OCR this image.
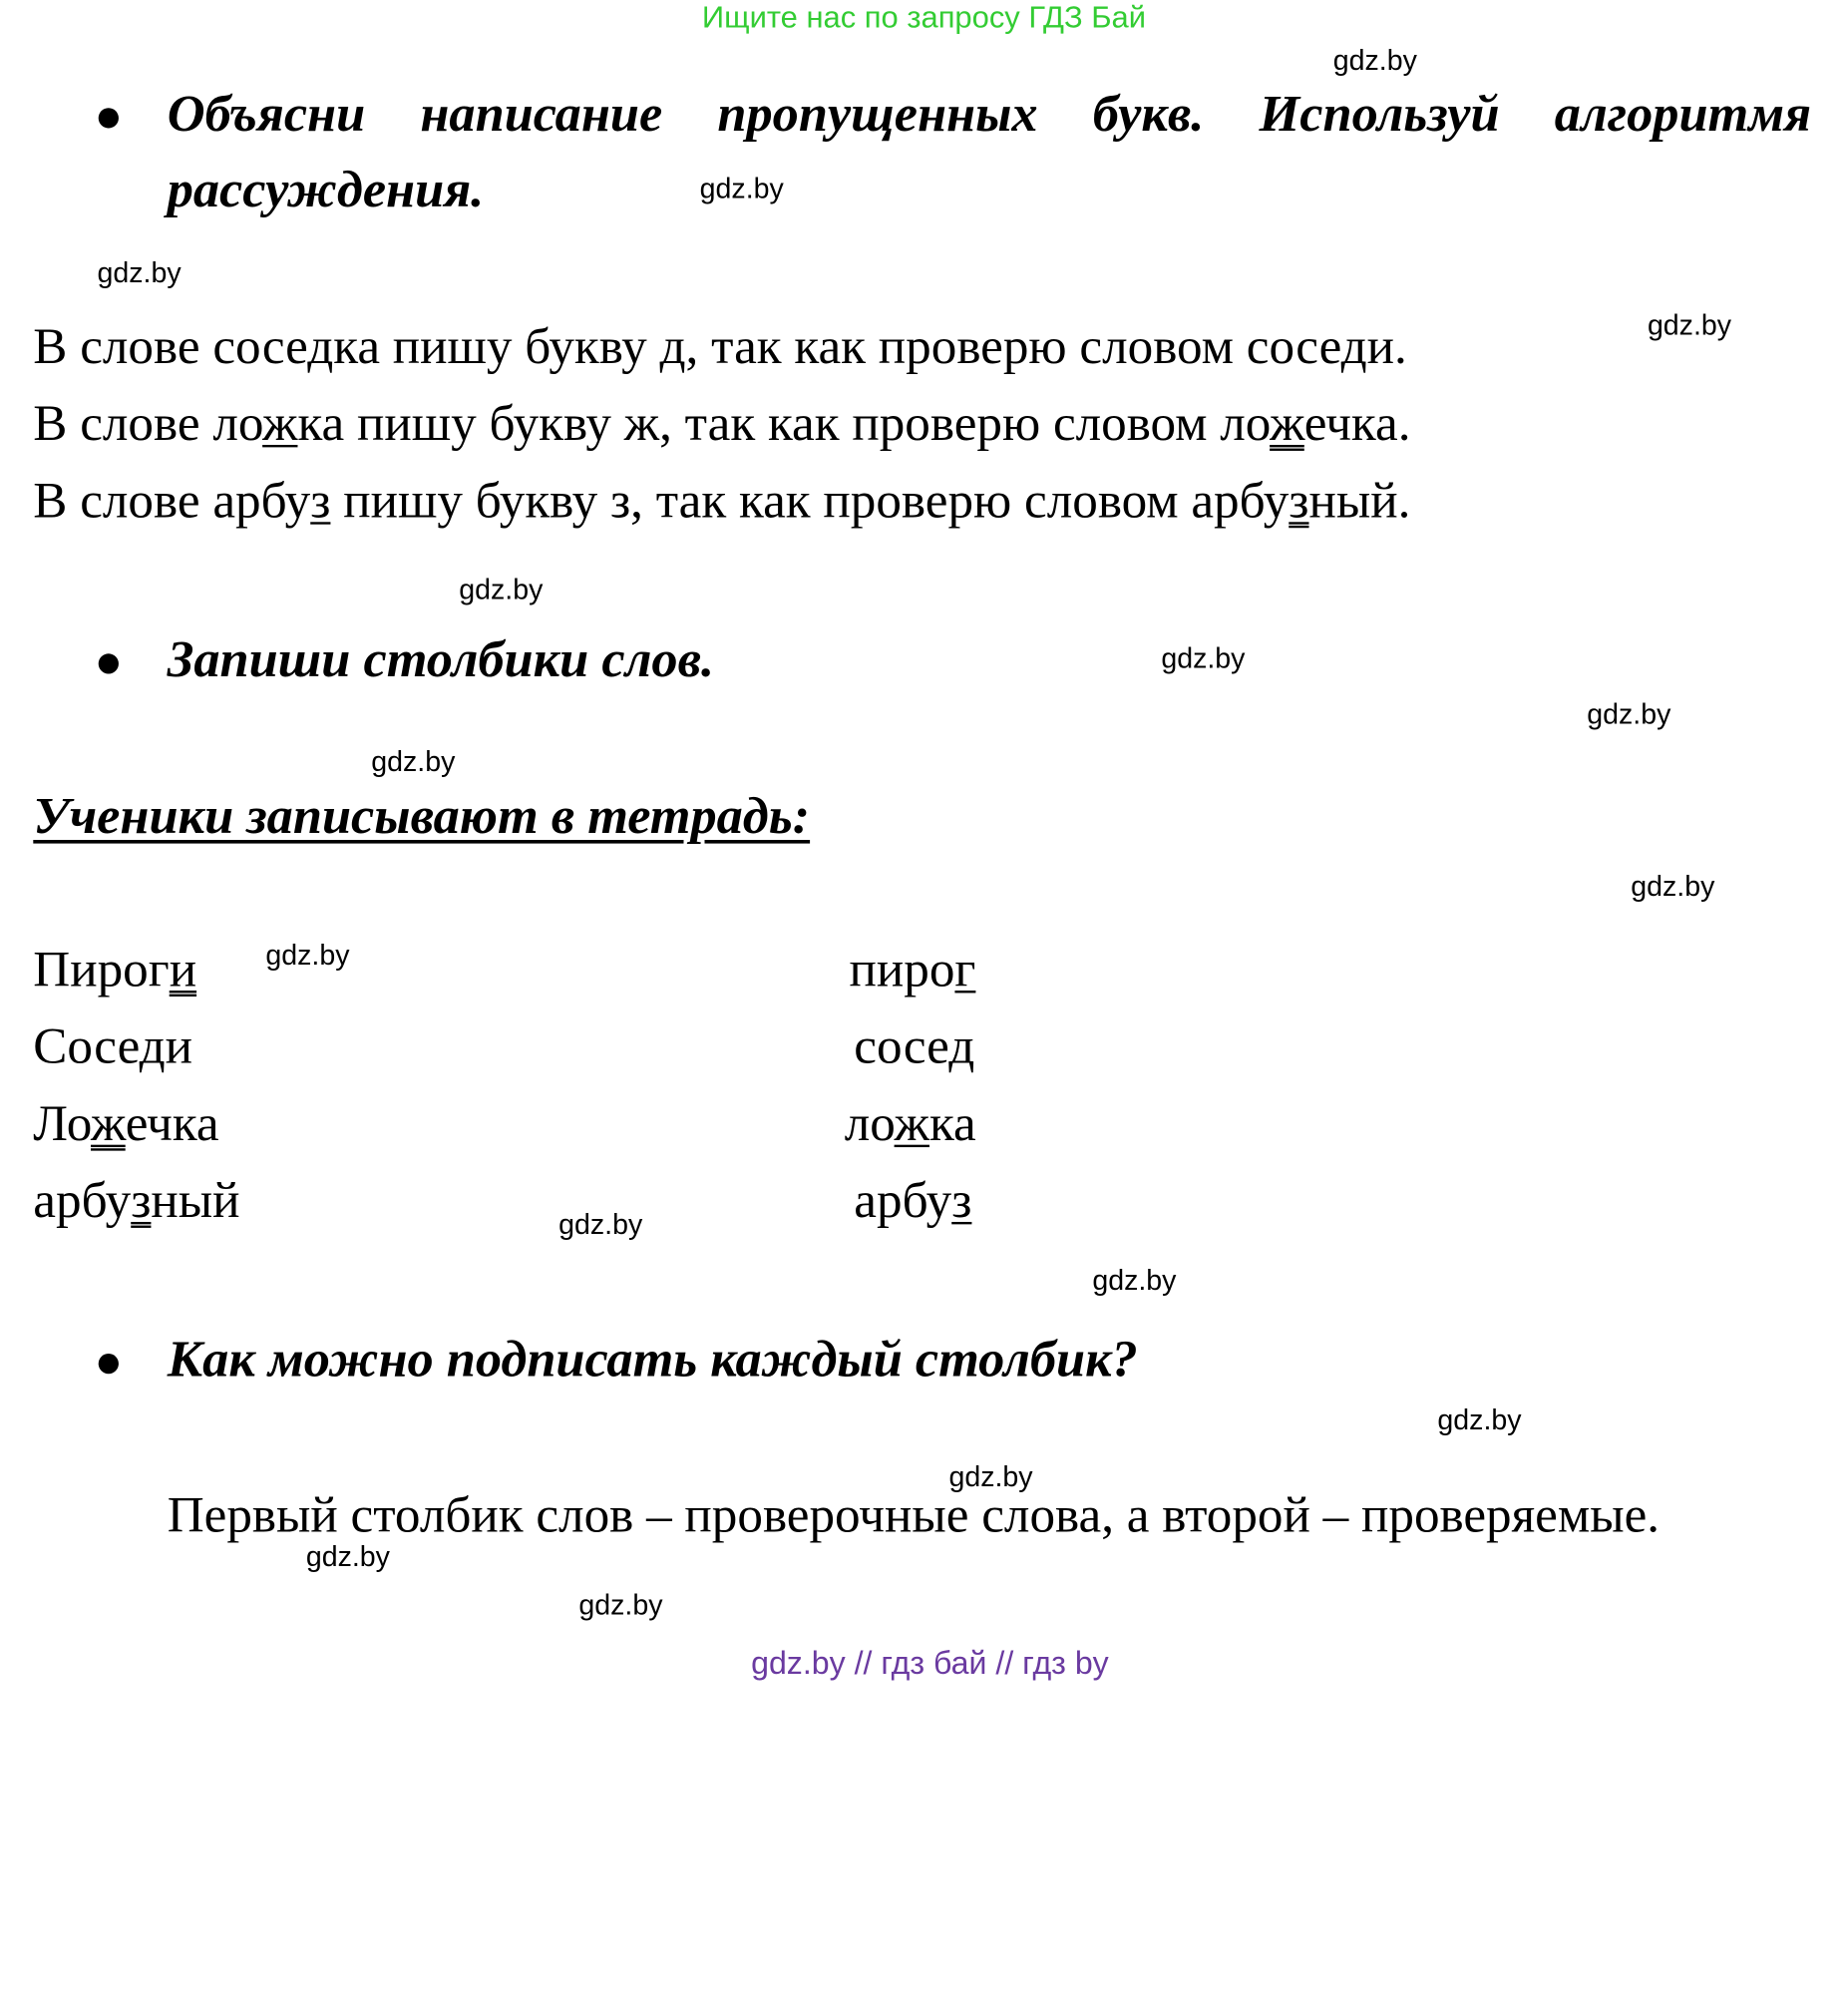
Ищите нас по запросу ГДЗ Бай
gdz.by
gdz.by
gdz.by
gdz.by
gdz.by
gdz.by
gdz.by
gdz.by
gdz.by
gdz.by
gdz.by
gdz.by
gdz.by
gdz.by
gdz.by
gdz.by
Объясни написание пропущенных букв. Используй алгоритмя рассуждения.
В слове соседка пишу букву д, так как проверю словом соседи.
В слове ложка пишу букву ж, так как проверю словом ложечка.
В слове арбуз пишу букву з, так как проверю словом арбузный.
Запиши столбики слов.
Ученики записывают в тетрадь:
Пироги
Соседи
Ложечка
арбузный
пирог
сосед
ложка
арбуз
Как можно подписать каждый столбик?
Первый столбик слов – проверочные слова, а второй – проверяемые.
gdz.by // гдз бай // гдз by
